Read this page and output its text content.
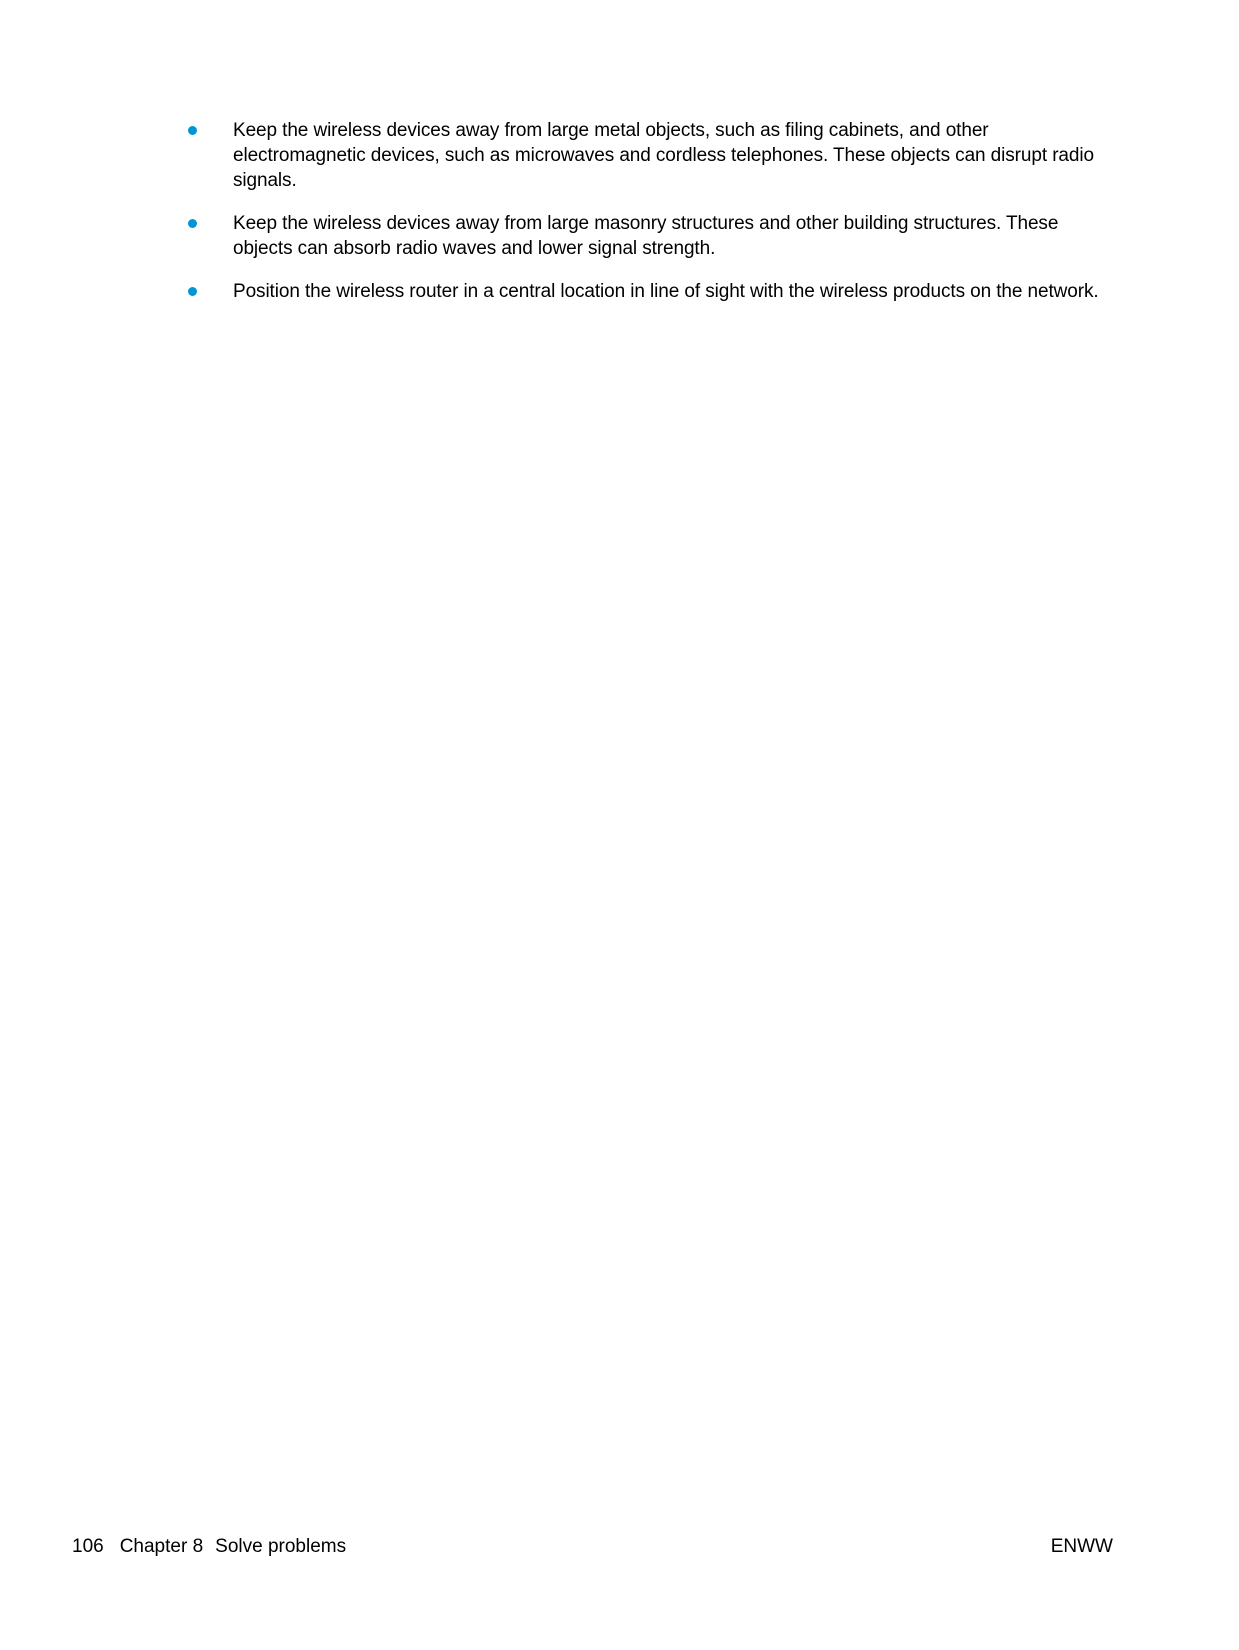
Keep the wireless devices away from large metal objects, such as filing cabinets, and other electromagnetic devices, such as microwaves and cordless telephones. These objects can disrupt radio signals.
Keep the wireless devices away from large masonry structures and other building structures. These objects can absorb radio waves and lower signal strength.
Position the wireless router in a central location in line of sight with the wireless products on the network.
106 Chapter 8 Solve problems	ENWW
